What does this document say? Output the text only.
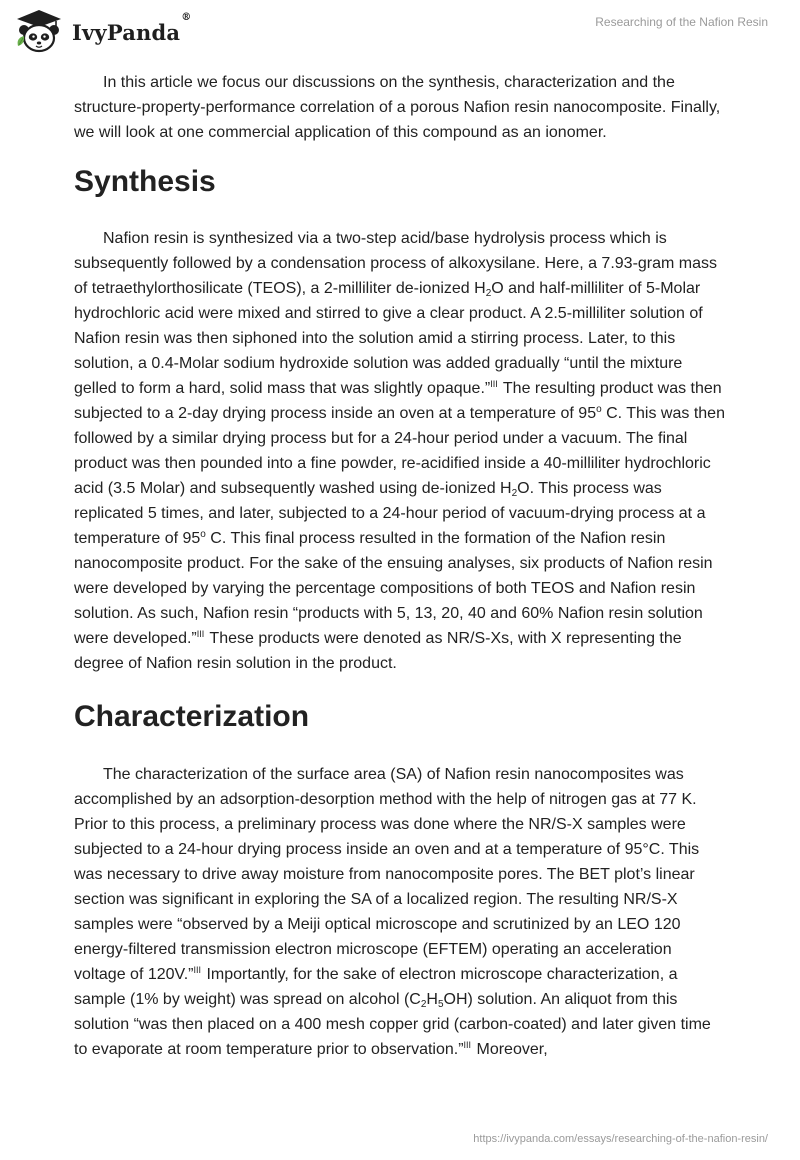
IvyPanda®	Researching of the Nafion Resin

In this article we focus our discussions on the synthesis, characterization and the structure-property-performance correlation of a porous Nafion resin nanocomposite. Finally, we will look at one commercial application of this compound as an ionomer.

Synthesis

Nafion resin is synthesized via a two-step acid/base hydrolysis process which is subsequently followed by a condensation process of alkoxysilane. Here, a 7.93-gram mass of tetraethylorthosilicate (TEOS), a 2-milliliter de-ionized $H_2O$ and half-milliliter of 5-Molar hydrochloric acid were mixed and stirred to give a clear product. A 2.5-milliliter solution of Nafion resin was then siphoned into the solution amid a stirring process. Later, to this solution, a 0.4-Molar sodium hydroxide solution was added gradually “until the mixture gelled to form a hard, solid mass that was slightly opaque.”$^{III}$ The resulting product was then subjected to a 2-day drying process inside an oven at a temperature of 95$^o$ C. This was then followed by a similar drying process but for a 24-hour period under a vacuum. The final product was then pounded into a fine powder, re-acidified inside a 40-milliliter hydrochloric acid (3.5 Molar) and subsequently washed using de-ionized $H_2O$. This process was replicated 5 times, and later, subjected to a 24-hour period of vacuum-drying process at a temperature of 95$^o$ C. This final process resulted in the formation of the Nafion resin nanocomposite product. For the sake of the ensuing analyses, six products of Nafion resin were developed by varying the percentage compositions of both TEOS and Nafion resin solution. As such, Nafion resin “products with 5, 13, 20, 40 and 60% Nafion resin solution were developed.”$^{III}$ These products were denoted as NR/S-Xs, with X representing the degree of Nafion resin solution in the product.

Characterization

The characterization of the surface area (SA) of Nafion resin nanocomposites was accomplished by an adsorption-desorption method with the help of nitrogen gas at 77 K. Prior to this process, a preliminary process was done where the NR/S-X samples were subjected to a 24-hour drying process inside an oven and at a temperature of 95°C. This was necessary to drive away moisture from nanocomposite pores. The BET plot’s linear section was significant in exploring the SA of a localized region. The resulting NR/S-X samples were “observed by a Meiji optical microscope and scrutinized by an LEO 120 energy-filtered transmission electron microscope (EFTEM) operating an acceleration voltage of 120V.”$^{III}$ Importantly, for the sake of electron microscope characterization, a sample (1% by weight) was spread on alcohol $(C_2H_5OH)$ solution. An aliquot from this solution “was then placed on a 400 mesh copper grid (carbon-coated) and later given time to evaporate at room temperature prior to observation.”$^{III}$ Moreover,

https://ivypanda.com/essays/researching-of-the-nafion-resin/
